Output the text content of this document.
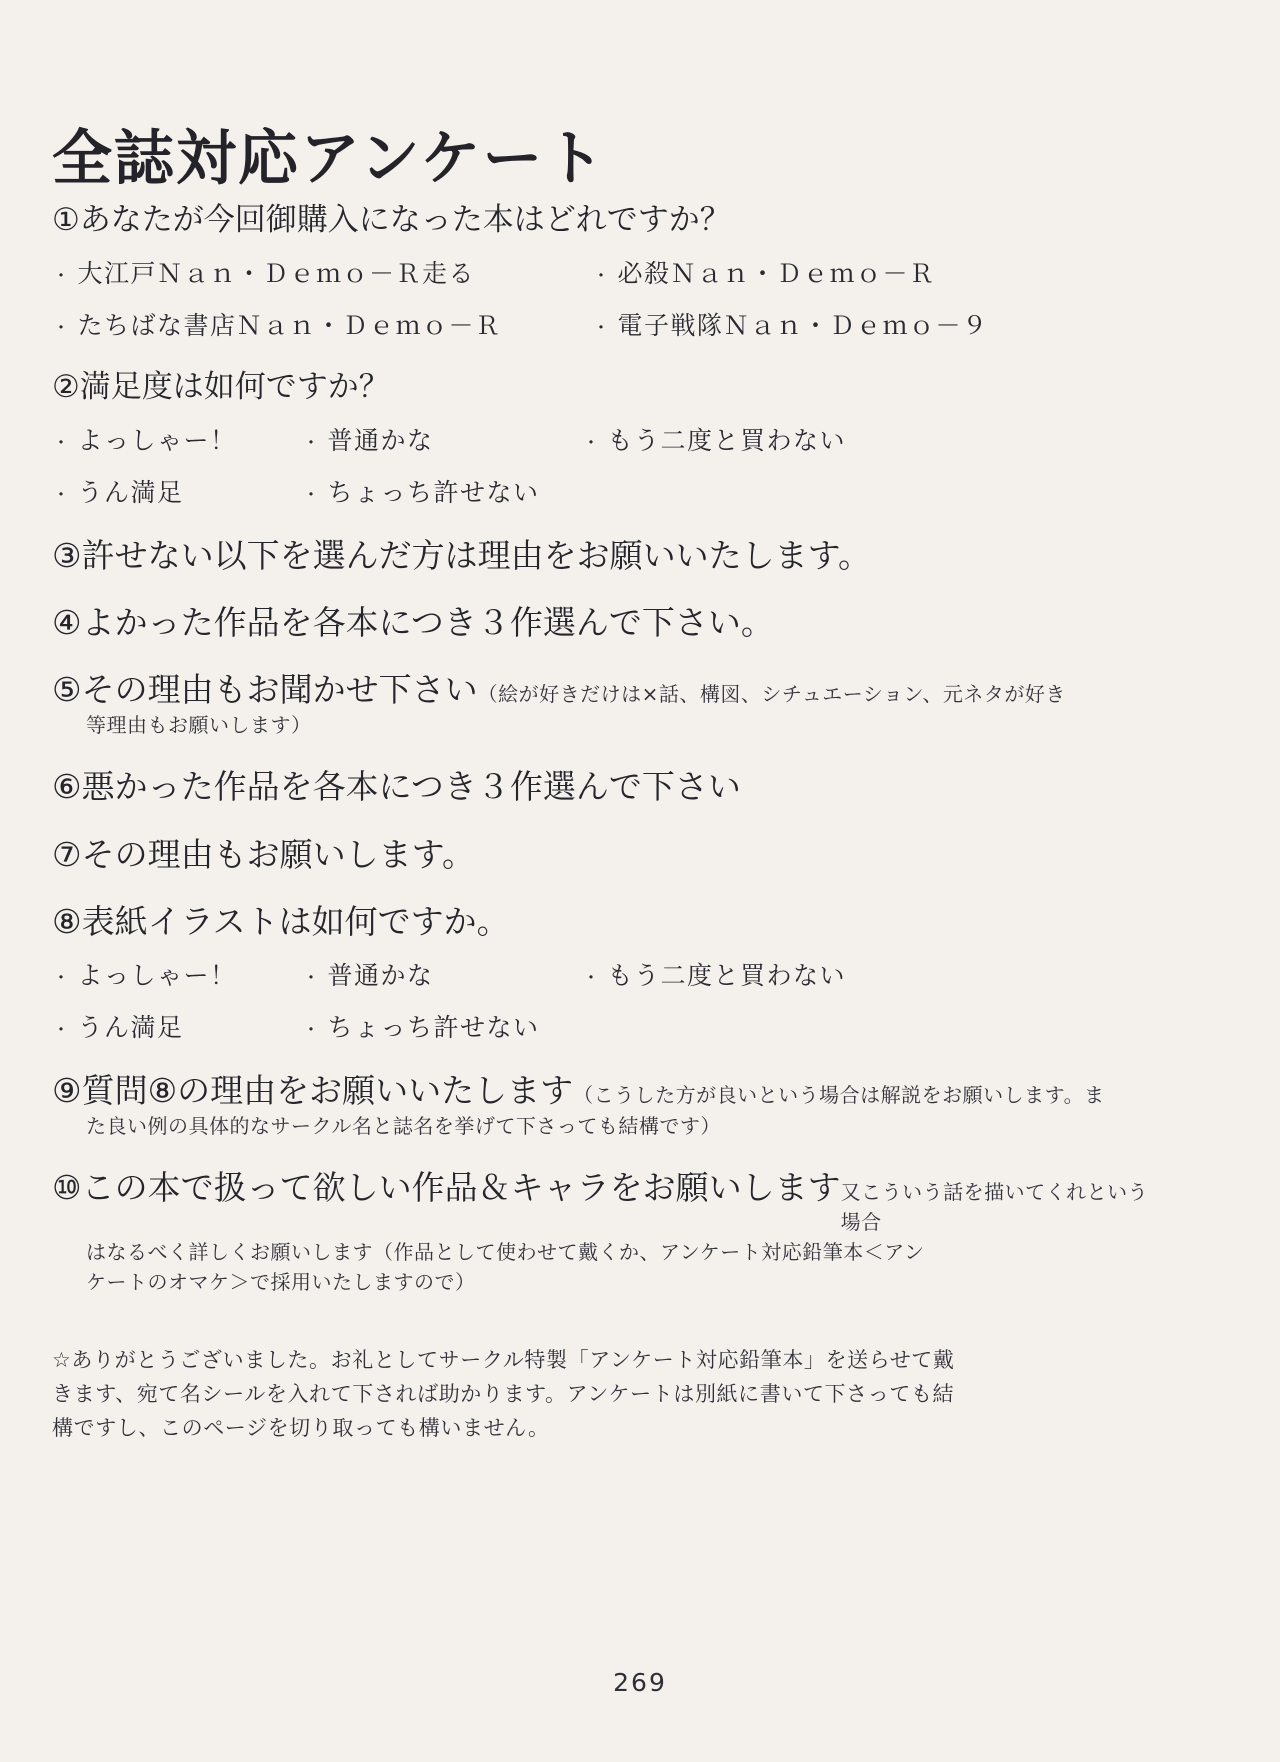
全誌対応アンケート

①あなたが今回御購入になった本はどれですか？

・ 大江戸Ｎａｎ・Ｄｅｍｏ－Ｒ走る	・ 必殺Ｎａｎ・Ｄｅｍｏ－Ｒ
・ たちばな書店Ｎａｎ・Ｄｅｍｏ－Ｒ	・ 電子戦隊Ｎａｎ・Ｄｅｍｏ－９

②満足度は如何ですか？

・ よっしゃー！	・ 普通かな	・ もう二度と買わない
・ うん満足	・ ちょっち許せない

③許せない以下を選んだ方は理由をお願いいたします。

④よかった作品を各本につき３作選んで下さい。

⑤その理由もお聞かせ下さい （絵が好きだけは×話、構図、シチュエーション、元ネタが好き

等理由もお願いします）

⑥悪かった作品を各本につき３作選んで下さい

⑦その理由もお願いします。

⑧表紙イラストは如何ですか。

・ よっしゃー！	・ 普通かな	・ もう二度と買わない
・ うん満足	・ ちょっち許せない
⑨質問⑧の理由をお願いいたします （こうした方が良いという場合は解説をお願いします。ま

た良い例の具体的なサークル名と誌名を挙げて下さっても結構です）

⑩この本で扱って欲しい作品＆キャラをお願いします 又こういう話を描いてくれという場合

はなるべく詳しくお願いします（作品として使わせて戴くか、アンケート対応鉛筆本＜アン

ケートのオマケ＞で採用いたしますので）

☆ありがとうございました。お礼としてサークル特製「アンケート対応鉛筆本」を送らせて戴
きます、宛て名シールを入れて下されば助かります。アンケートは別紙に書いて下さっても結
構ですし、このページを切り取っても構いません。
269
